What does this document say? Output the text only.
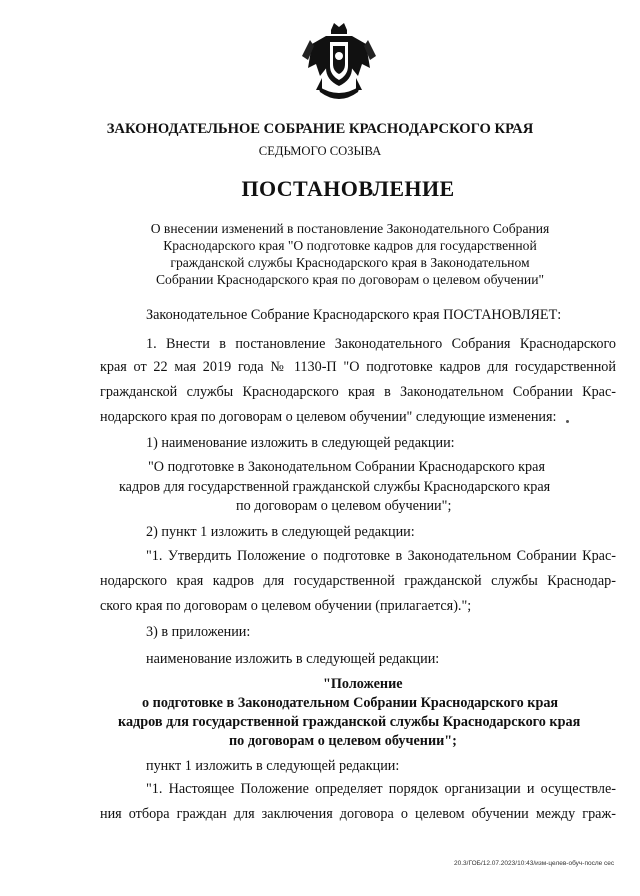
ЗАКОНОДАТЕЛЬНОЕ СОБРАНИЕ КРАСНОДАРСКОГО КРАЯ
СЕДЬМОГО СОЗЫВА
ПОСТАНОВЛЕНИЕ
О внесении изменений в постановление Законодательного Собрания
Краснодарского края "О подготовке кадров для государственной
гражданской службы Краснодарского края в Законодательном
Собрании Краснодарского края по договорам о целевом обучении"
Законодательное Собрание Краснодарского края ПОСТАНОВЛЯЕТ:
1. Внести в постановление Законодательного Собрания Краснодарского
края от 22 мая 2019 года № 1130-П "О подготовке кадров для государственной
гражданской службы Краснодарского края в Законодательном Собрании Крас-
нодарского края по договорам о целевом обучении" следующие изменения:
1) наименование изложить в следующей редакции:
"О подготовке в Законодательном Собрании Краснодарского края
кадров для государственной гражданской службы Краснодарского края
по договорам о целевом обучении";
2) пункт 1 изложить в следующей редакции:
"1. Утвердить Положение о подготовке в Законодательном Собрании Крас-
нодарского края кадров для государственной гражданской службы Краснодар-
ского края по договорам о целевом обучении (прилагается).";
3) в приложении:
наименование изложить в следующей редакции:
"Положение
о подготовке в Законодательном Собрании Краснодарского края
кадров для государственной гражданской службы Краснодарского края
по договорам о целевом обучении";
пункт 1 изложить в следующей редакции:
"1. Настоящее Положение определяет порядок организации и осуществле-
ния отбора граждан для заключения договора о целевом обучении между граж-
20.3/ГОБ/12.07.2023/10:43/изм-целев-обуч-после сес
